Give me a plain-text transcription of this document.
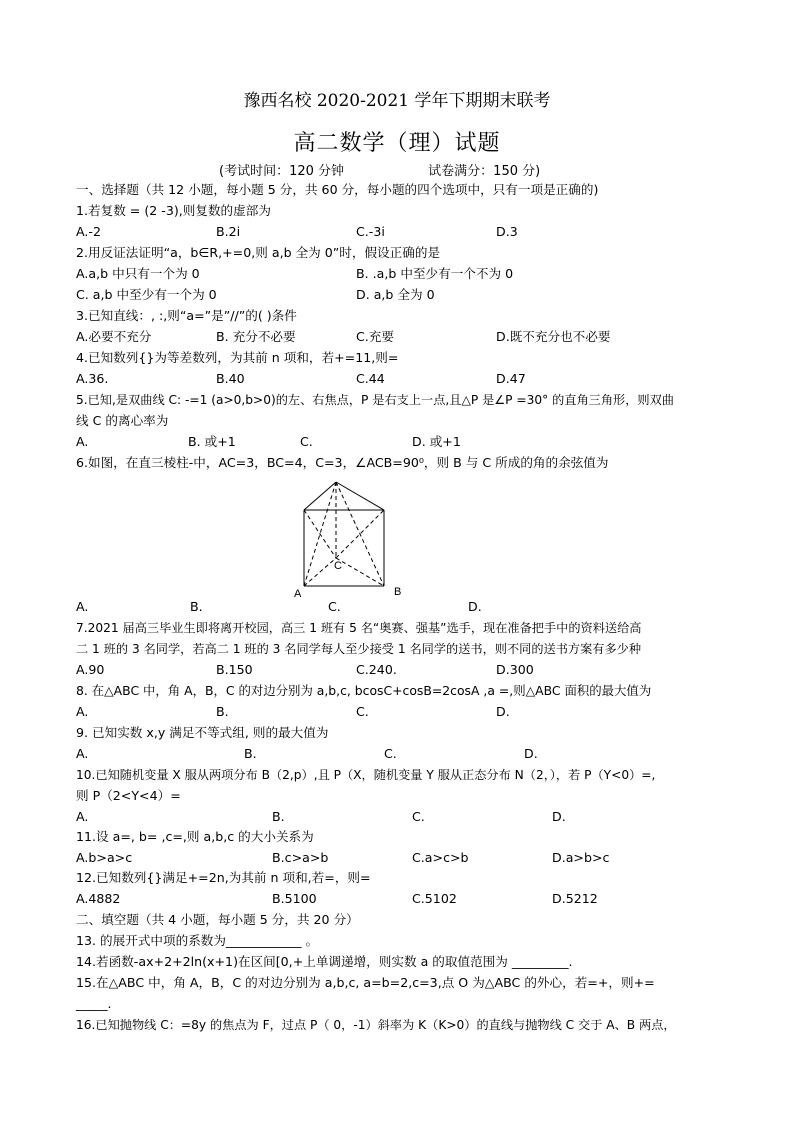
豫西名校 2020-2021 学年下期期末联考
高二数学（理）试题
(考试时间：120 分钟	试卷满分：150 分)
一、选择题（共 12 小题，每小题 5 分，共 60 分，每小题的四个选项中，只有一项是正确的)
1.若复数 = (2 -3),则复数的虚部为
A.-2	B.2i	C.-3i	D.3
2.用反证法证明“a，b∈R,+=0,则 a,b 全为 0”时，假设正确的是
A.a,b 中只有一个为 0	B. .a,b 中至少有一个不为 0
C. a,b 中至少有一个为 0	D. a,b 全为 0
3.已知直线：, :,则“a=”是”//”的( )条件
A.必要不充分	B. 充分不必要	C.充要	D.既不充分也不必要
4.已知数列{}为等差数列，为其前 n 项和，若+=11,则=
A.36.	B.40	C.44	D.47
5.已知,是双曲线 C: -=1 (a>0,b>0)的左、右焦点，P 是右支上一点,且△P 是∠P =30° 的直角三角形，则双曲
线 C 的离心率为
A.	B. 或+1	C.	D. 或+1
6.如图，在直三棱柱-中，AC=3，BC=4，C=3，∠ACB=90⁰，则 B 与 C 所成的角的余弦值为
A	B
C
A.	B.	C.	D.
7.2021 届高三毕业生即将离开校园，高三 1 班有 5 名“奥赛、强基”选手，现在准备把手中的资料送给高
二 1 班的 3 名同学，若高二 1 班的 3 名同学每人至少接受 1 名同学的送书，则不同的送书方案有多少种
A.90	B.150	C.240.	D.300
8. 在△ABC 中，角 A，B，C 的对边分别为 a,b,c, bcosC+cosB=2cosA ,a =,则△ABC 面积的最大值为
A.	B.	C.	D.
9. 已知实数 x,y 满足不等式组, 则的最大值为
A.	B.	C.	D.
10.已知随机变量 X 服从两项分布 B（2,p）,且 P（X，随机变量 Y 服从正态分布 N（2，），若 P（Y<0）=,
则 P（2<Y<4）=
A.	B.	C.	D.
11.设 a=, b= ,c=,则 a,b,c 的大小关系为
A.b>a>c	B.c>a>b	C.a>c>b	D.a>b>c
12.已知数列{}满足+=2n,为其前 n 项和,若=，则=
A.4882	B.5100	C.5102	D.5212
二、填空题（共 4 小题，每小题 5 分，共 20 分）
13. 的展开式中项的系数为____________ 。
14.若函数-ax+2+2ln(x+1)在区间[0,+上单调递增，则实数 a 的取值范围为 _________.
15.在△ABC 中，角 A，B，C 的对边分别为 a,b,c, a=b=2,c=3,点 O 为△ABC 的外心，若=+，则+=
_____.
16.已知抛物线 C：=8y 的焦点为 F，过点 P（ 0，-1）斜率为 K（K>0）的直线与抛物线 C 交于 A、B 两点，
